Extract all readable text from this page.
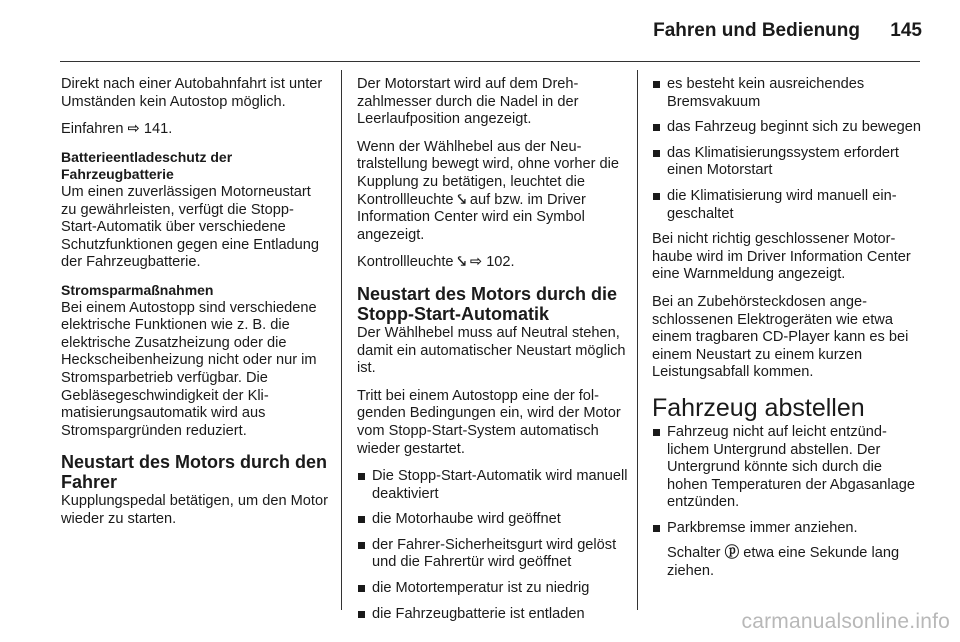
Fahren und Bedienung 145

Direkt nach einer Autobahnfahrt ist unter Umständen kein Autostop möglich.

Einfahren ⇨ 141.

Batterieentladeschutz der
Fahrzeugbatterie

Um einen zuverlässigen Motorneustart zu gewährleisten, verfügt die Stopp-Start-Automatik über verschiedene Schutzfunktionen gegen eine Entladung der Fahrzeugbatterie.

Stromsparmaßnahmen

Bei einem Autostopp sind verschiedene elektrische Funktionen wie z. B. die elektrische Zusatzheizung oder die Heckscheibenheizung nicht oder nur im Stromsparbetrieb verfügbar. Die Gebläsegeschwindigkeit der Klimatisierungsautomatik wird aus Stromspargründen reduziert.

Neustart des Motors durch den Fahrer

Kupplungspedal betätigen, um den Motor wieder zu starten.

Der Motorstart wird auf dem Drehzahlmesser durch die Nadel in der Leerlaufposition angezeigt.

Wenn der Wählhebel aus der Neutralstellung bewegt wird, ohne vorher die Kupplung zu betätigen, leuchtet die Kontrollleuchte ⤥ auf bzw. im Driver Information Center wird ein Symbol angezeigt.

Kontrollleuchte ⤥ ⇨ 102.

Neustart des Motors durch die Stopp-Start-Automatik

Der Wählhebel muss auf Neutral stehen, damit ein automatischer Neustart möglich ist.

Tritt bei einem Autostopp eine der folgenden Bedingungen ein, wird der Motor vom Stopp-Start-System automatisch wieder gestartet.

Die Stopp-Start-Automatik wird manuell deaktiviert
die Motorhaube wird geöffnet
der Fahrer-Sicherheitsgurt wird gelöst und die Fahrertür wird geöffnet
die Motortemperatur ist zu niedrig
die Fahrzeugbatterie ist entladen
es besteht kein ausreichendes Bremsvakuum
das Fahrzeug beginnt sich zu bewegen
das Klimatisierungssystem erfordert einen Motorstart
die Klimatisierung wird manuell eingeschaltet

Bei nicht richtig geschlossener Motorhaube wird im Driver Information Center eine Warnmeldung angezeigt.

Bei an Zubehörsteckdosen angeschlossenen Elektrogeräten wie etwa einem tragbaren CD-Player kann es bei einem Neustart zu einem kurzen Leistungsabfall kommen.

Fahrzeug abstellen
Fahrzeug nicht auf leicht entzündlichem Untergrund abstellen. Der Untergrund könnte sich durch die hohen Temperaturen der Abgasanlage entzünden.
Parkbremse immer anziehen.

Schalter ⓟ etwa eine Sekunde lang ziehen.

carmanualsonline.info
